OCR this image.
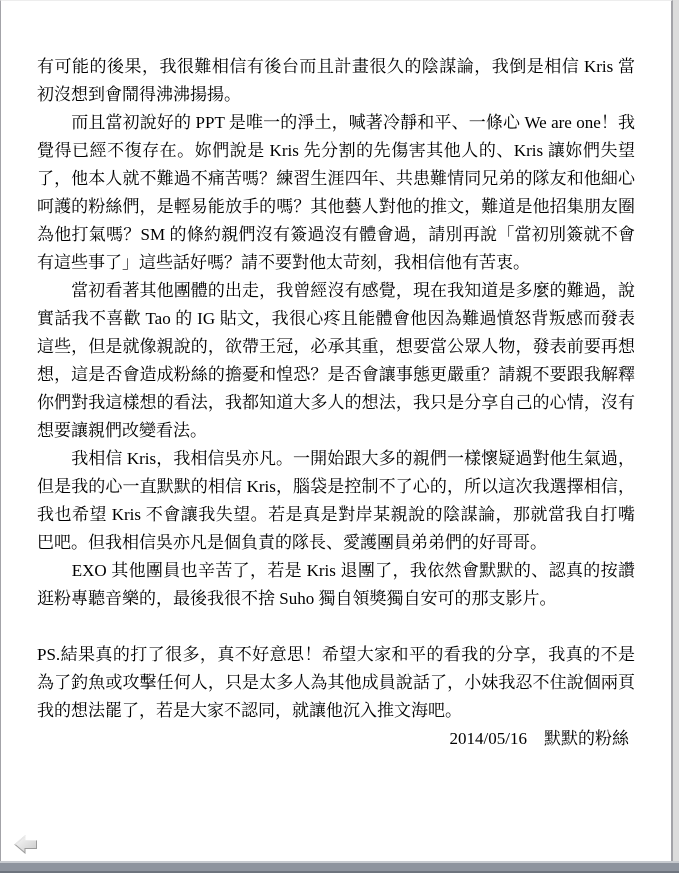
有可能的後果，我很難相信有後台而且計畫很久的陰謀論，我倒是相信 Kris 當初沒想到會鬧得沸沸揚揚。

　　而且當初說好的 PPT 是唯一的淨土，喊著冷靜和平、一條心 We are one！我覺得已經不復存在。妳們說是 Kris 先分割的先傷害其他人的、Kris 讓妳們失望了，他本人就不難過不痛苦嗎？練習生涯四年、共患難情同兄弟的隊友和他細心呵護的粉絲們，是輕易能放手的嗎？其他藝人對他的推文，難道是他招集朋友圈為他打氣嗎？SM 的條約親們沒有簽過沒有體會過，請別再說「當初別簽就不會有這些事了」這些話好嗎？請不要對他太苛刻，我相信他有苦衷。

　　當初看著其他團體的出走，我曾經沒有感覺，現在我知道是多麼的難過，說實話我不喜歡 Tao 的 IG 貼文，我很心疼且能體會他因為難過憤怒背叛感而發表這些，但是就像親說的，欲帶王冠，必承其重，想要當公眾人物，發表前要再想想，這是否會造成粉絲的擔憂和惶恐？是否會讓事態更嚴重？請親不要跟我解釋你們對我這樣想的看法，我都知道大多人的想法，我只是分享自己的心情，沒有想要讓親們改變看法。

　　我相信 Kris，我相信吳亦凡。一開始跟大多的親們一樣懷疑過對他生氣過，但是我的心一直默默的相信 Kris，腦袋是控制不了心的，所以這次我選擇相信，我也希望 Kris 不會讓我失望。若是真是對岸某親說的陰謀論，那就當我自打嘴巴吧。但我相信吳亦凡是個負責的隊長、愛護團員弟弟們的好哥哥。

　　EXO 其他團員也辛苦了，若是 Kris 退團了，我依然會默默的、認真的按讚逛粉專聽音樂的，最後我很不捨 Suho 獨自領獎獨自安可的那支影片。

PS.結果真的打了很多，真不好意思！希望大家和平的看我的分享，我真的不是為了釣魚或攻擊任何人，只是太多人為其他成員說話了，小妹我忍不住說個兩頁我的想法罷了，若是大家不認同，就讓他沉入推文海吧。

2014/05/16　默默的粉絲
